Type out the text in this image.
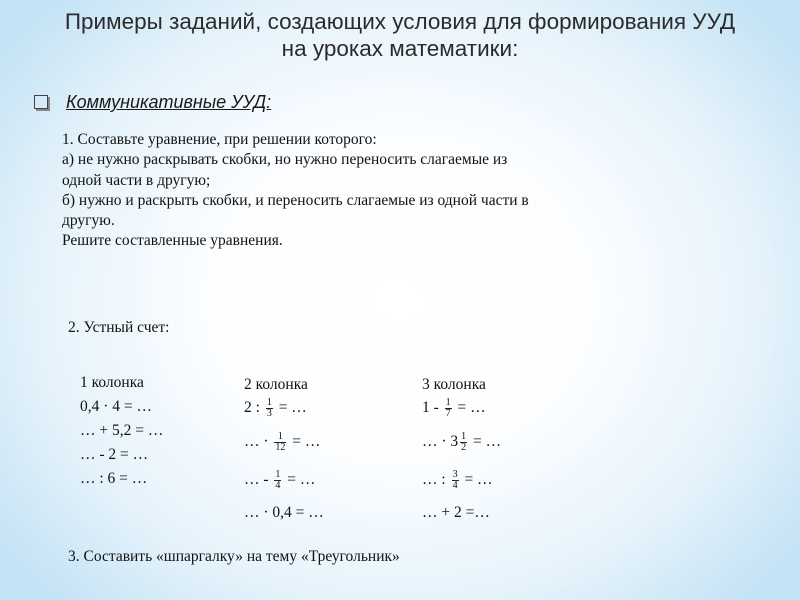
Примеры заданий, создающих условия для формирования УУД
на уроках математики:
Коммуникативные УУД:
1. Составьте уравнение, при решении которого:
а) не нужно раскрывать скобки, но нужно переносить слагаемые из
одной части в другую;
б) нужно и раскрыть скобки, и переносить слагаемые из одной части в
другую.
Решите составленные уравнения.
2. Устный счет:
1 колонка
0,4 · 4 = …
… + 5,2 = …
… - 2 = …
… : 6 = …
2 колонка
2 : $\frac{1}{3}$ = …
… · $\frac{1}{12}$ = …
… - $\frac{1}{4}$ = …
… · 0,4 = …
3 колонка
$1 - \frac{1}{7}$ = …
… · $3 \frac{1}{2}$ = …
… : $\frac{3}{4}$ = …
… + 2 =…
3. Составить «шпаргалку» на тему «Треугольник»
